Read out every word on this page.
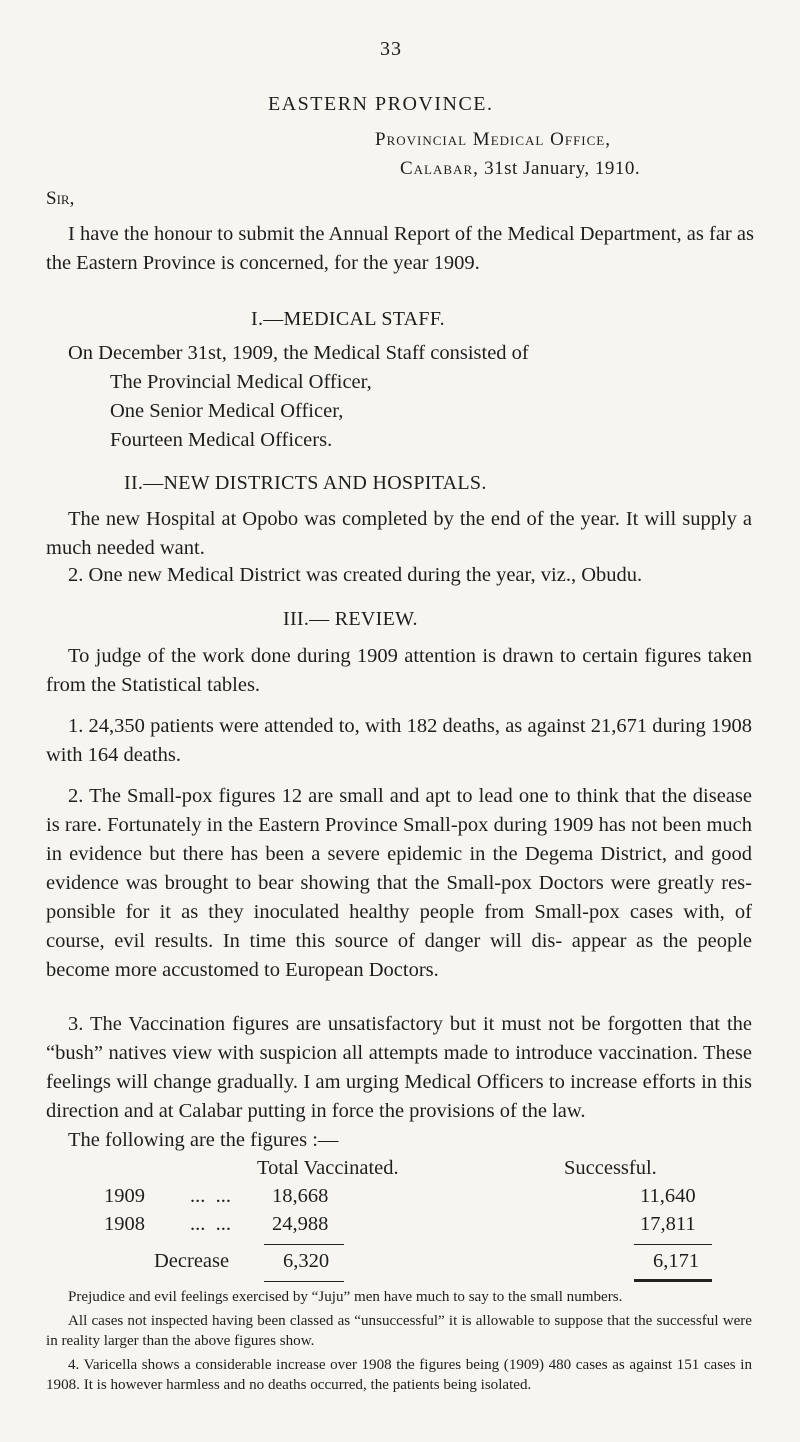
33
EASTERN PROVINCE.
Provincial Medical Office,
Calabar, 31st January, 1910.
Sir,
I have the honour to submit the Annual Report of the Medical Department, as far as the Eastern Province is concerned, for the year 1909.
I.—MEDICAL STAFF.
On December 31st, 1909, the Medical Staff consisted of
The Provincial Medical Officer,
One Senior Medical Officer,
Fourteen Medical Officers.
II.—NEW DISTRICTS AND HOSPITALS.
The new Hospital at Opobo was completed by the end of the year. It will supply a much needed want.
2. One new Medical District was created during the year, viz., Obudu.
III.— REVIEW.
To judge of the work done during 1909 attention is drawn to certain figures taken from the Statistical tables.
1. 24,350 patients were attended to, with 182 deaths, as against 21,671 during 1908 with 164 deaths.
2. The Small-pox figures 12 are small and apt to lead one to think that the disease is rare. Fortunately in the Eastern Province Small-pox during 1909 has not been much in evidence but there has been a severe epidemic in the Degema District, and good evidence was brought to bear showing that the Small-pox Doctors were greatly res- ponsible for it as they inoculated healthy people from Small-pox cases with, of course, evil results. In time this source of danger will dis- appear as the people become more accustomed to European Doctors.
3. The Vaccination figures are unsatisfactory but it must not be forgotten that the “bush” natives view with suspicion all attempts made to introduce vaccination. These feelings will change gradually. I am urging Medical Officers to increase efforts in this direction and at Calabar putting in force the provisions of the law.
The following are the figures :—
Total Vaccinated.	Successful.
1909 ...  ... 18,668	11,640
1908 ...  ... 24,988	17,811
Decrease	6,320	6,171
Prejudice and evil feelings exercised by “Juju” men have much to say to the small numbers.
All cases not inspected having been classed as “unsuccessful” it is allowable to suppose that the successful were in reality larger than the above figures show.
4. Varicella shows a considerable increase over 1908 the figures being (1909) 480 cases as against 151 cases in 1908. It is however harmless and no deaths occurred, the patients being isolated.
